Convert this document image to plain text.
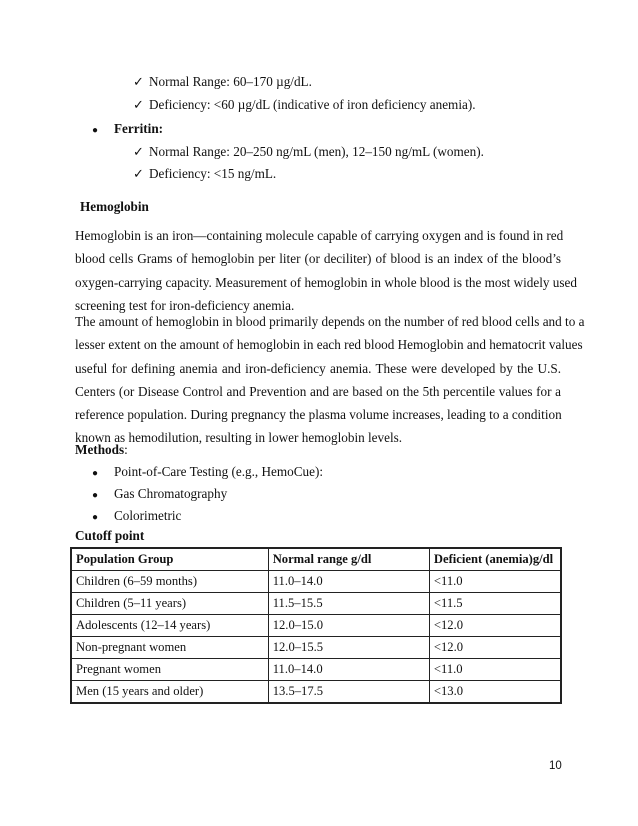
✓ Normal Range: 60–170 µg/dL.
✓ Deficiency: <60 µg/dL (indicative of iron deficiency anemia).
● Ferritin:
✓ Normal Range: 20–250 ng/mL (men), 12–150 ng/mL (women).
✓ Deficiency: <15 ng/mL.
Hemoglobin
Hemoglobin is an iron—containing molecule capable of carrying oxygen and is found in red
blood cells Grams of hemoglobin per liter (or deciliter) of blood is an index of the blood’s
oxygen-carrying capacity. Measurement of hemoglobin in whole blood is the most widely used
screening test for iron-deficiency anemia.
The amount of hemoglobin in blood primarily depends on the number of red blood cells and to a
lesser extent on the amount of hemoglobin in each red blood Hemoglobin and hematocrit values
useful for defining anemia and iron-deficiency anemia. These were developed by the U.S.
Centers (or Disease Control and Prevention and are based on the 5th percentile values for a
reference population. During pregnancy the plasma volume increases, leading to a condition
known as hemodilution, resulting in lower hemoglobin levels.
Methods:
● Point-of-Care Testing (e.g., HemoCue):
● Gas Chromatography
● Colorimetric
Cutoff point
Population Group	Normal range g/dl	Deficient (anemia)g/dl
Children (6–59 months)	11.0–14.0	<11.0
Children (5–11 years)	11.5–15.5	<11.5
Adolescents (12–14 years)	12.0–15.0	<12.0
Non-pregnant women	12.0–15.5	<12.0
Pregnant women	11.0–14.0	<11.0
Men (15 years and older)	13.5–17.5	<13.0
10
